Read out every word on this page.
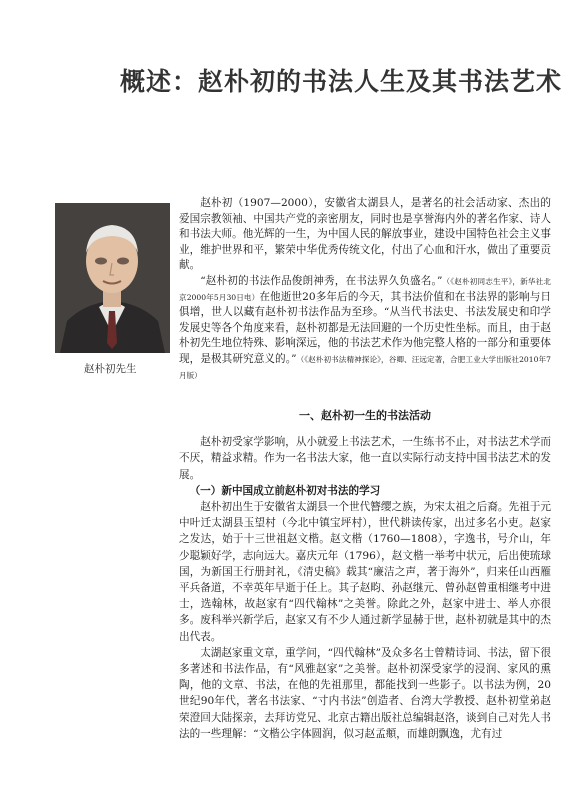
概述：赵朴初的书法人生及其书法艺术
赵朴初先生

赵朴初（1907—2000），安徽省太湖县人，是著名的社会活动家、杰出的爱国宗教领袖、中国共产党的亲密朋友，同时也是享誉海内外的著名作家、诗人和书法大师。他光辉的一生，为中国人民的解放事业，建设中国特色社会主义事业，维护世界和平，繁荣中华优秀传统文化，付出了心血和汗水，做出了重要贡献。

“赵朴初的书法作品俊朗神秀，在书法界久负盛名。”（《赵朴初同志生平》，新华社北京2000年5月30日电）在他逝世20多年后的今天，其书法价值和在书法界的影响与日俱增，世人以藏有赵朴初书法作品为至珍。“从当代书法史、书法发展史和印学发展史等各个角度来看，赵朴初都是无法回避的一个历史性坐标。而且，由于赵朴初先生地位特殊、影响深远，他的书法艺术作为他完整人格的一部分和重要体现，是极其研究意义的。”（《赵朴初书法精神探论》，谷卿、汪远定著，合肥工业大学出版社2010年7月版）

一、赵朴初一生的书法活动

赵朴初受家学影响，从小就爱上书法艺术，一生练书不止，对书法艺术学而不厌，精益求精。作为一名书法大家，他一直以实际行动支持中国书法艺术的发展。

（一）新中国成立前赵朴初对书法的学习

赵朴初出生于安徽省太湖县一个世代簪缨之族，为宋太祖之后裔。先祖于元中叶迁太湖县玉望村（今北中镇宝坪村），世代耕读传家，出过多名小吏。赵家之发达，始于十三世祖赵文楷。赵文楷（1760—1808），字逸书，号介山，年少聪颖好学，志向远大。嘉庆元年（1796），赵文楷一举考中状元，后出使琉球国，为新国王行册封礼，《清史稿》载其“廉洁之声，著于海外”，归来任山西雁平兵备道，不幸英年早逝于任上。其子赵畇、孙赵继元、曾孙赵曾重相继考中进士，选翰林，故赵家有“四代翰林”之美誉。除此之外，赵家中进士、举人亦很多。废科举兴新学后，赵家又有不少人通过新学显赫于世，赵朴初就是其中的杰出代表。

太湖赵家重文章，重学问，“四代翰林”及众多名士曾精诗词、书法，留下很多著述和书法作品，有“风雅赵家”之美誉。赵朴初深受家学的浸润、家风的熏陶，他的文章、书法，在他的先祖那里，都能找到一些影子。以书法为例，20世纪90年代，著名书法家、“寸内书法”创造者、台湾大学教授、赵朴初堂弟赵荣澄回大陆探亲，去拜访党兄、北京古籍出版社总编辑赵洛，谈到自己对先人书法的一些理解：“文楷公字体圆润，似习赵孟頫，而雄朗飘逸，尤有过
